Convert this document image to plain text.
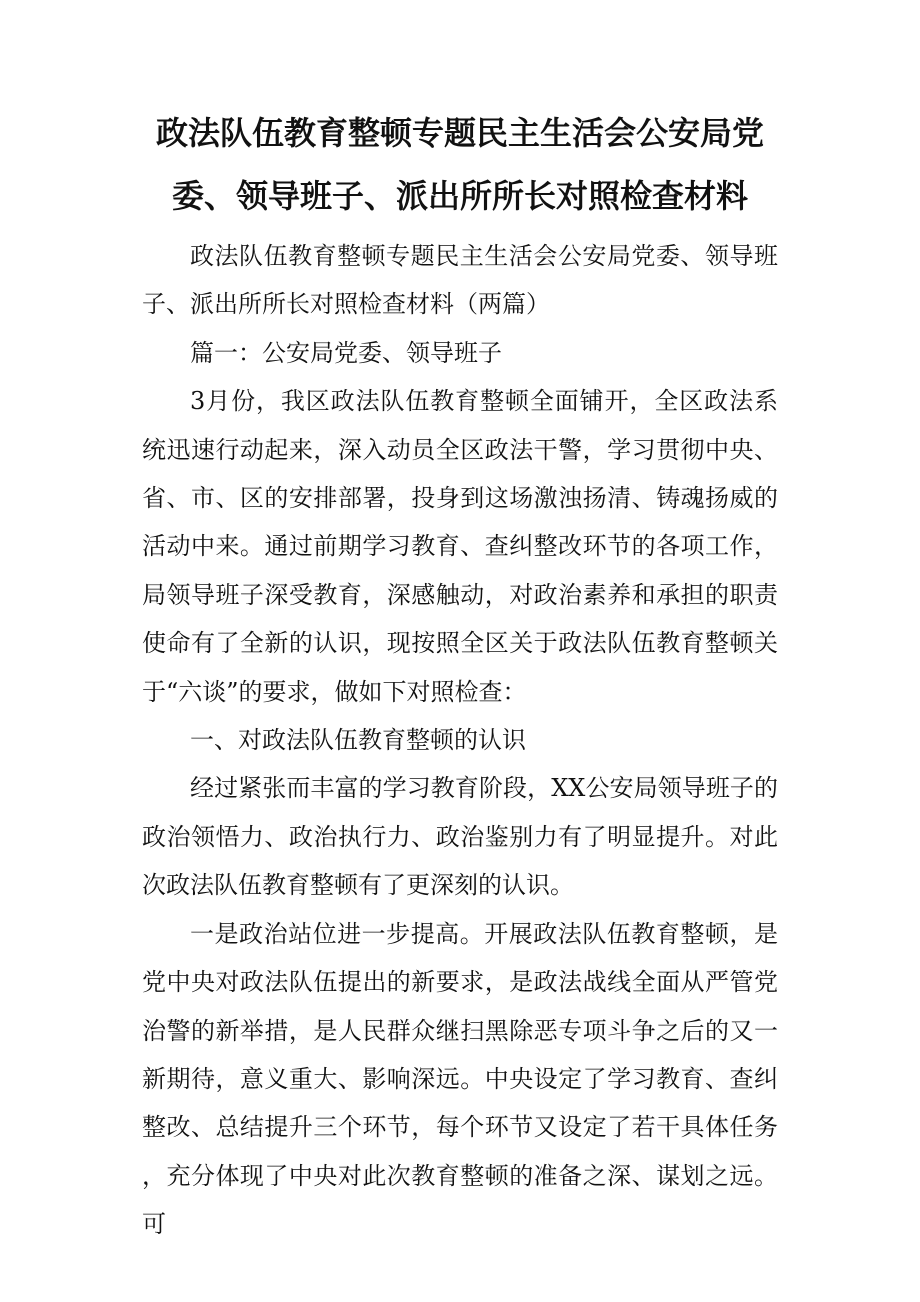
政法队伍教育整顿专题民主生活会公安局党
委、领导班子、派出所所长对照检查材料

政法队伍教育整顿专题民主生活会公安局党委、领导班子、派出所所长对照检查材料（两篇）

篇一：公安局党委、领导班子

3月份，我区政法队伍教育整顿全面铺开，全区政法系统迅速行动起来，深入动员全区政法干警，学习贯彻中央、省、市、区的安排部署，投身到这场激浊扬清、铸魂扬威的活动中来。通过前期学习教育、查纠整改环节的各项工作，局领导班子深受教育，深感触动，对政治素养和承担的职责使命有了全新的认识，现按照全区关于政法队伍教育整顿关于“六谈”的要求，做如下对照检查：

一、对政法队伍教育整顿的认识

经过紧张而丰富的学习教育阶段，XX公安局领导班子的政治领悟力、政治执行力、政治鉴别力有了明显提升。对此次政法队伍教育整顿有了更深刻的认识。

一是政治站位进一步提高。开展政法队伍教育整顿，是党中央对政法队伍提出的新要求，是政法战线全面从严管党治警的新举措，是人民群众继扫黑除恶专项斗争之后的又一新期待，意义重大、影响深远。中央设定了学习教育、查纠整改、总结提升三个环节，每个环节又设定了若干具体任务，充分体现了中央对此次教育整顿的准备之深、谋划之远。可
